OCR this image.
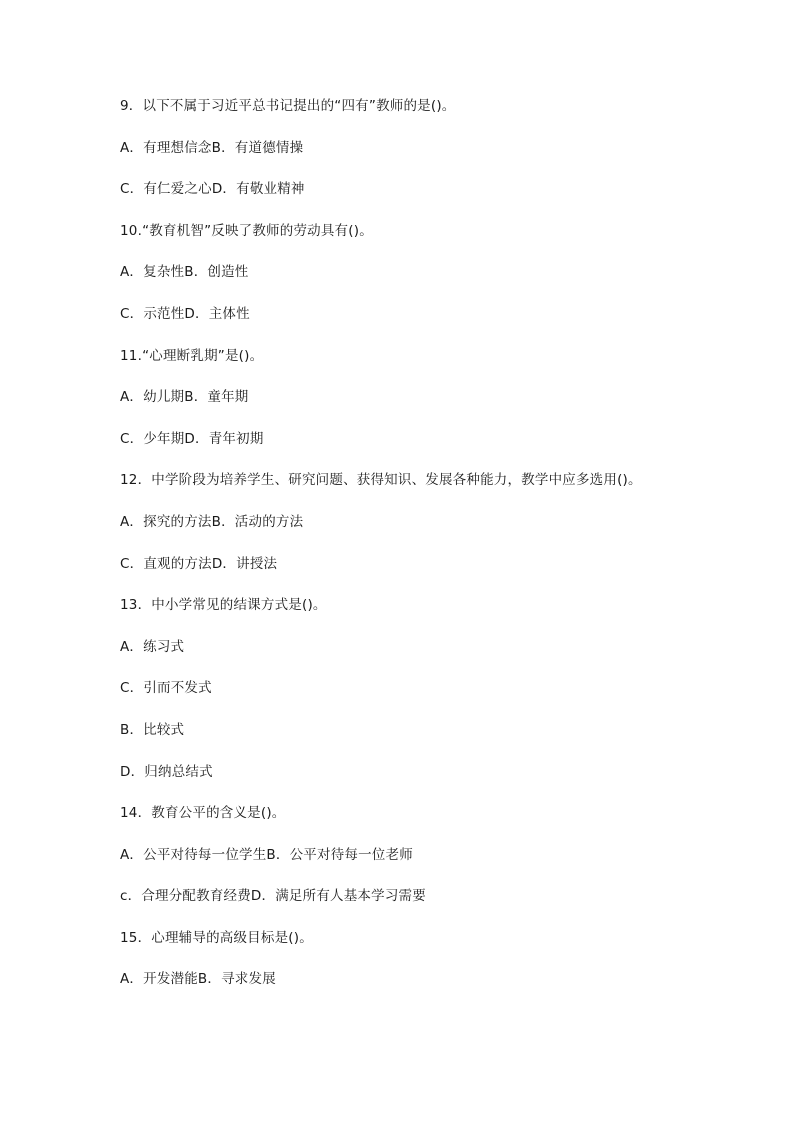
9．以下不属于习近平总书记提出的“四有”教师的是()。
A．有理想信念B．有道德情操
C．有仁爱之心D．有敬业精神
10.“教育机智”反映了教师的劳动具有()。
A．复杂性B．创造性
C．示范性D．主体性
11.“心理断乳期”是()。
A．幼儿期B．童年期
C．少年期D．青年初期
12．中学阶段为培养学生、研究问题、获得知识、发展各种能力，教学中应多选用()。
A．探究的方法B．活动的方法
C．直观的方法D．讲授法
13．中小学常见的结课方式是()。
A．练习式
C．引而不发式
B．比较式
D．归纳总结式
14．教育公平的含义是()。
A．公平对待每一位学生B．公平对待每一位老师
c．合理分配教育经费D．满足所有人基本学习需要
15．心理辅导的高级目标是()。
A．开发潜能B．寻求发展
